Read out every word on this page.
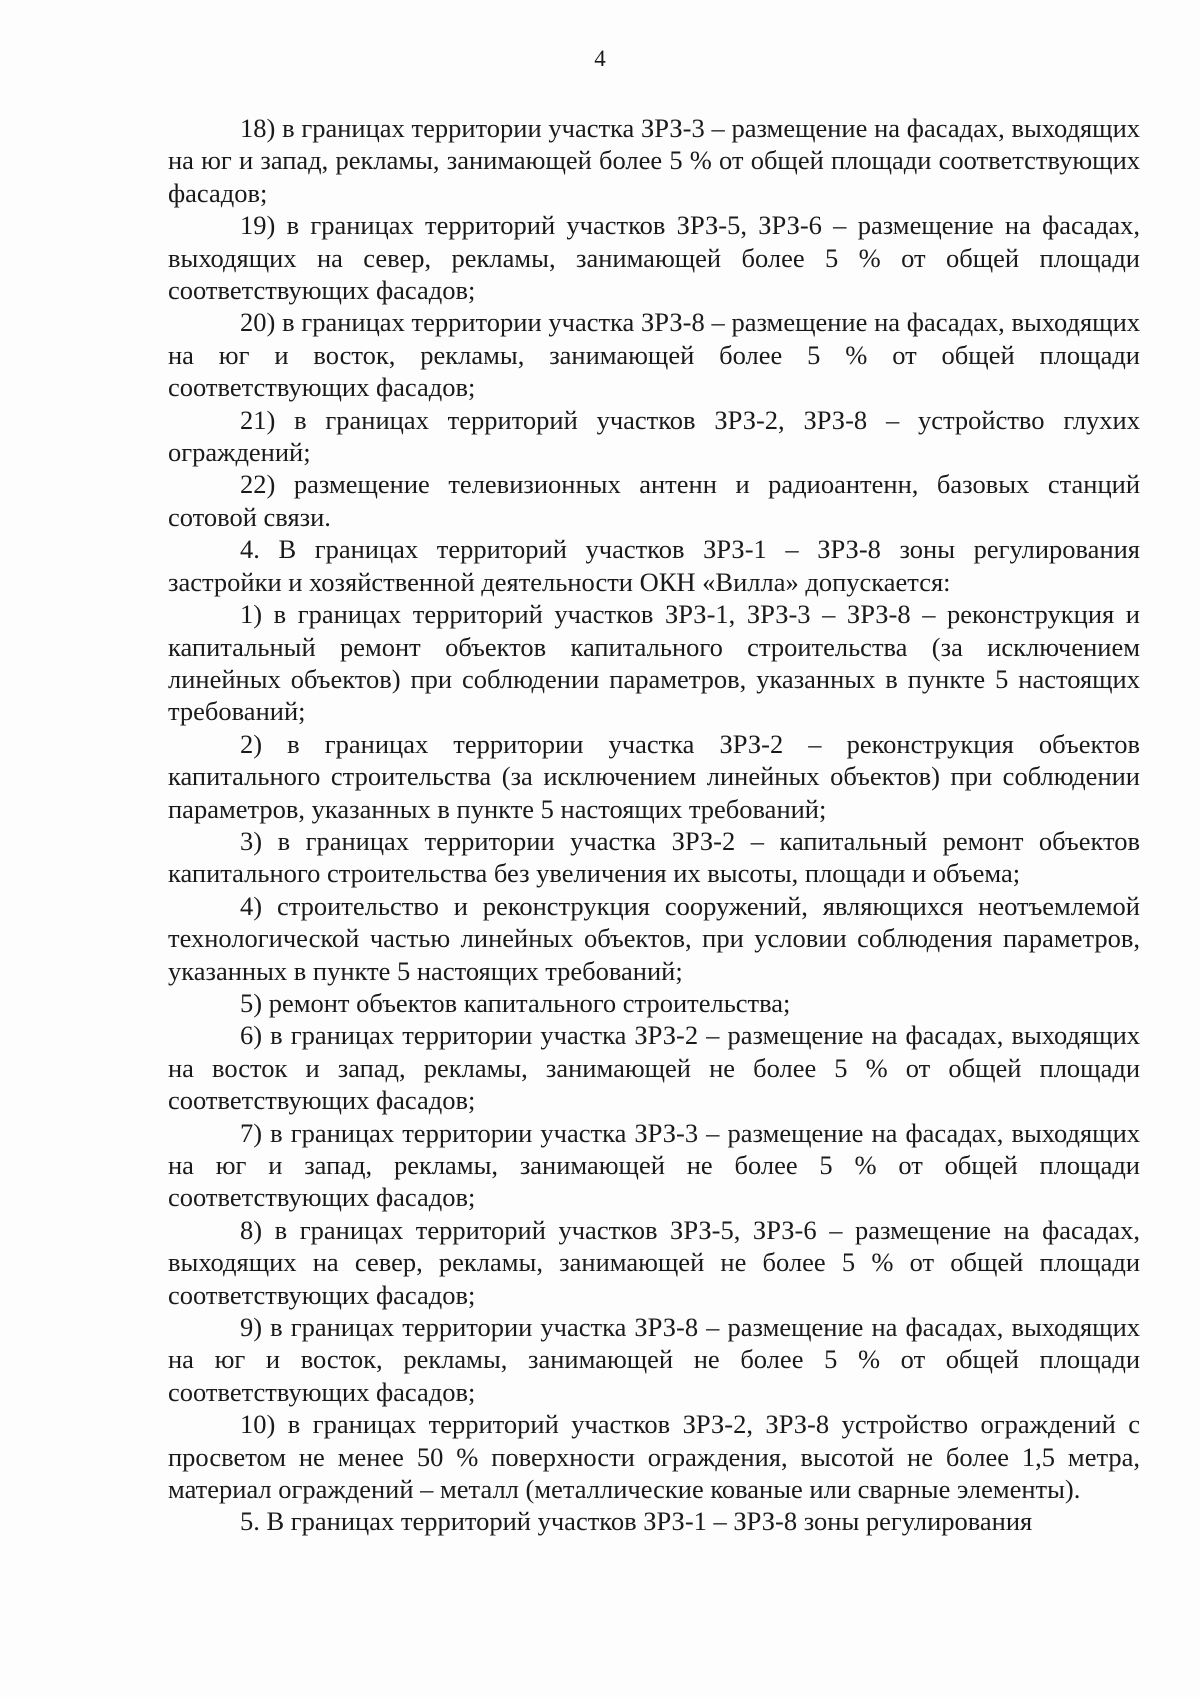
4

18) в границах территории участка ЗРЗ-3 – размещение на фасадах, выходящих на юг и запад, рекламы, занимающей более 5 % от общей площади соответствующих фасадов;

19) в границах территорий участков ЗРЗ-5, ЗРЗ-6 – размещение на фасадах, выходящих на север, рекламы, занимающей более 5 % от общей площади соответствующих фасадов;

20) в границах территории участка ЗРЗ-8 – размещение на фасадах, выходящих на юг и восток, рекламы, занимающей более 5 % от общей площади соответствующих фасадов;

21) в границах территорий участков ЗРЗ-2, ЗРЗ-8 – устройство глухих ограждений;

22) размещение телевизионных антенн и радиоантенн, базовых станций сотовой связи.

4. В границах территорий участков ЗРЗ-1 – ЗРЗ-8 зоны регулирования застройки и хозяйственной деятельности ОКН «Вилла» допускается:

1) в границах территорий участков ЗРЗ-1, ЗРЗ-3 – ЗРЗ-8 – реконструкция и капитальный ремонт объектов капитального строительства (за исключением линейных объектов) при соблюдении параметров, указанных в пункте 5 настоящих требований;

2) в границах территории участка ЗРЗ-2 – реконструкция объектов капитального строительства (за исключением линейных объектов) при соблюдении параметров, указанных в пункте 5 настоящих требований;

3) в границах территории участка ЗРЗ-2 – капитальный ремонт объектов капитального строительства без увеличения их высоты, площади и объема;

4) строительство и реконструкция сооружений, являющихся неотъемлемой технологической частью линейных объектов, при условии соблюдения параметров, указанных в пункте 5 настоящих требований;

5) ремонт объектов капитального строительства;

6) в границах территории участка ЗРЗ-2 – размещение на фасадах, выходящих на восток и запад, рекламы, занимающей не более 5 % от общей площади соответствующих фасадов;

7) в границах территории участка ЗРЗ-3 – размещение на фасадах, выходящих на юг и запад, рекламы, занимающей не более 5 % от общей площади соответствующих фасадов;

8) в границах территорий участков ЗРЗ-5, ЗРЗ-6 – размещение на фасадах, выходящих на север, рекламы, занимающей не более 5 % от общей площади соответствующих фасадов;

9) в границах территории участка ЗРЗ-8 – размещение на фасадах, выходящих на юг и восток, рекламы, занимающей не более 5 % от общей площади соответствующих фасадов;

10) в границах территорий участков ЗРЗ-2, ЗРЗ-8 устройство ограждений с просветом не менее 50 % поверхности ограждения, высотой не более 1,5 метра, материал ограждений – металл (металлические кованые или сварные элементы).

5. В границах территорий участков ЗРЗ-1 – ЗРЗ-8 зоны регулирования
